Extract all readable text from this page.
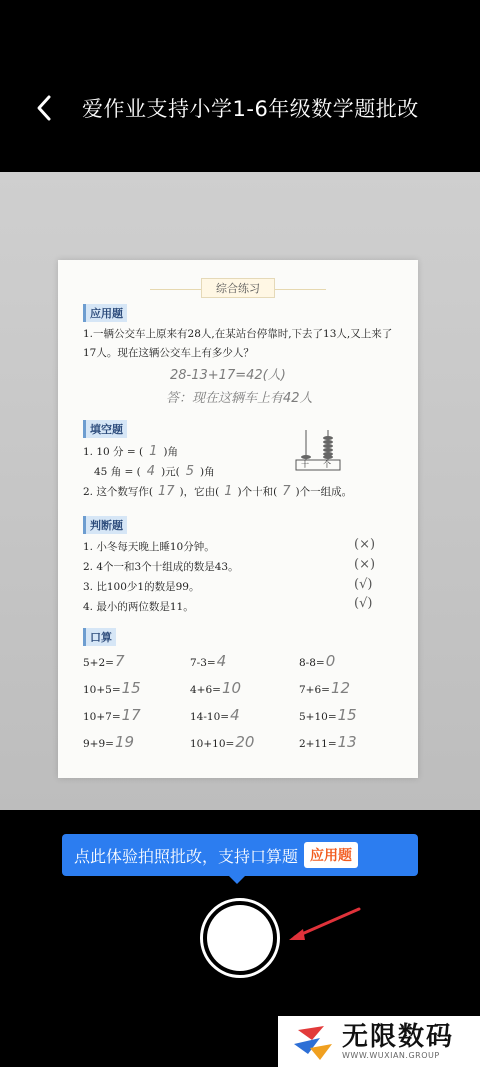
爱作业支持小学1-6年级数学题批改
综合练习
应用题
1.一辆公交车上原来有28人,在某站台停靠时,下去了13人,又上来了
17人。现在这辆公交车上有多少人？
28-13+17=42(人)
答：现在这辆车上有42人
填空题
1. 10 分 = ( 1 )角
45 角 = ( 4 )元( 5 )角
2. 这个数写作( 17 )，它由( 1 )个十和( 7 )个一组成。
十 个
判断题
1. 小冬每天晚上睡10分钟。	(×)
2. 4个一和3个十组成的数是43。	(×)
3. 比100少1的数是99。	(√)
4. 最小的两位数是11。	(√)
口算
5+2=7	7-3=4	8-8=0
10+5=15	4+6=10	7+6=12
10+7=17	14-10=4	5+10=15
9+9=19	10+10=20	2+11=13
点此体验拍照批改，支持口算题 应用题
无限数码
WWW.WUXIAN.GROUP
